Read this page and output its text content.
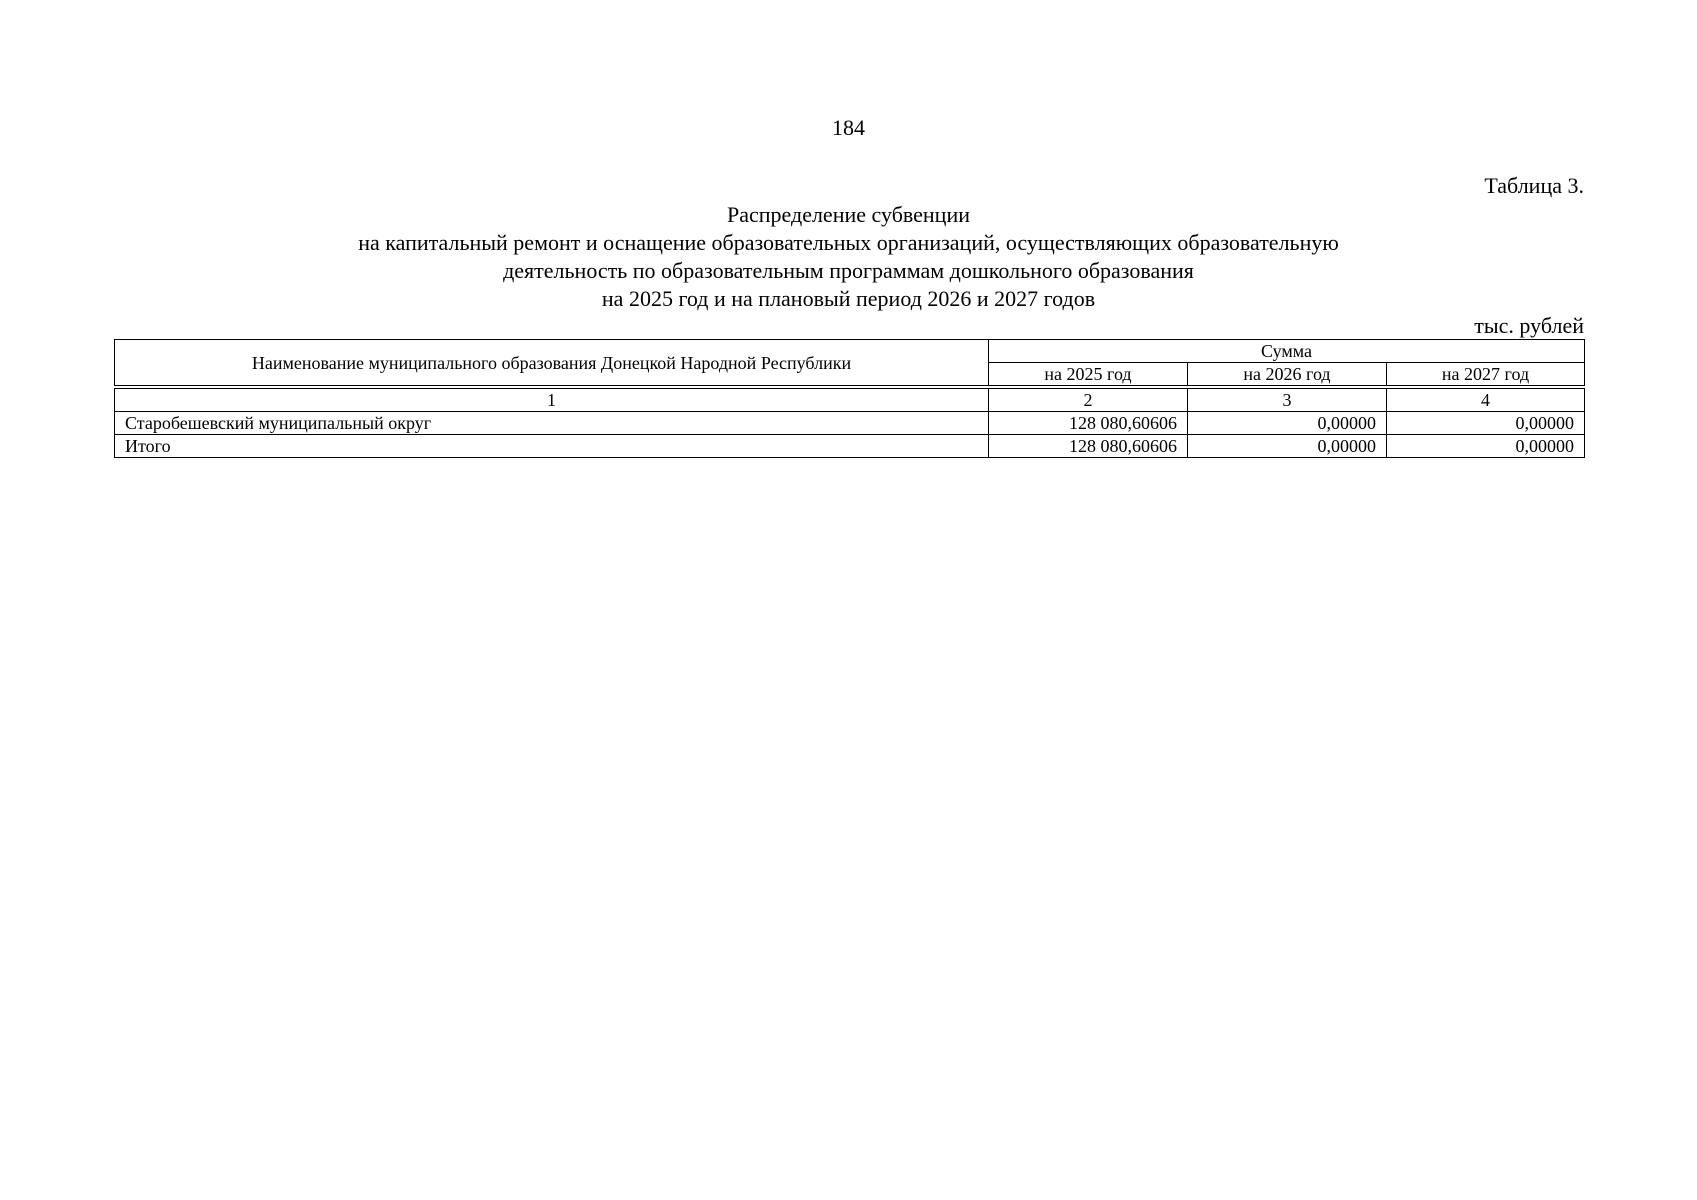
184
Таблица 3.
Распределение субвенции
на капитальный ремонт и оснащение образовательных организаций, осуществляющих образовательную
деятельность по образовательным программам дошкольного образования
на 2025 год и на плановый период 2026 и 2027 годов
тыс. рублей
Наименование муниципального образования Донецкой Народной Республики	Сумма		
	на 2025 год	на 2026 год	на 2027 год
1	2	3	4
Старобешевский муниципальный округ	128 080,60606	0,00000	0,00000
Итого	128 080,60606	0,00000	0,00000
